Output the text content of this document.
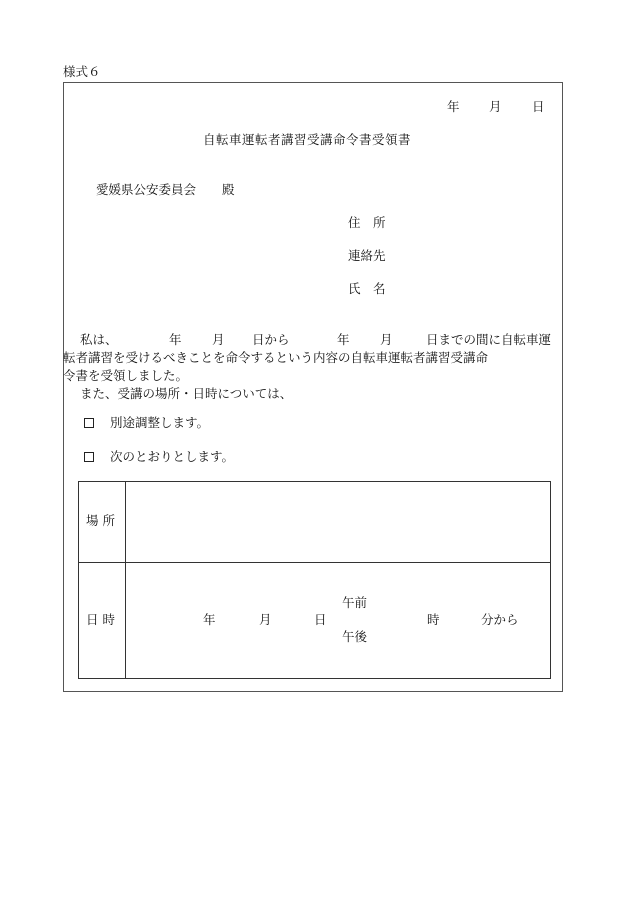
様式６
年 月 日
自転車運転者講習受講命令書受領書
愛媛県公安委員会 殿
住　所
連絡先
氏　名
私は、	年 月 日から	年 月	日までの間に自転車運
転者講習を受けるべきことを命令するという内容の自転車運転者講習受講命
令書を受領しました。
また、受講の場所・日時については、
別途調整します。
次のとおりとします。
場 所
日 時	年	月	日
午前
午後
時	分から
